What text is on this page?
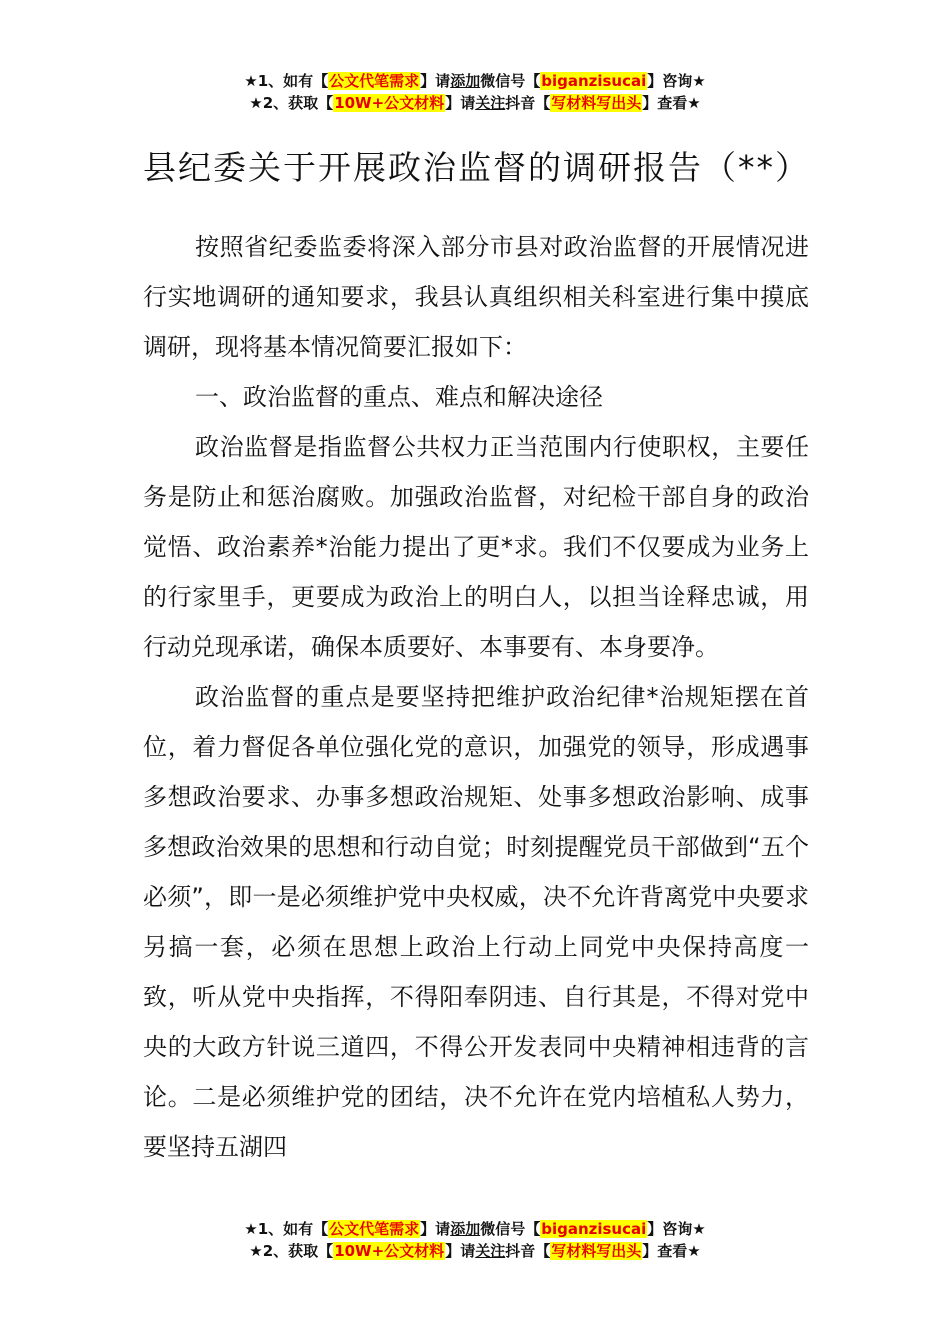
★1、如有【公文代笔需求】请添加微信号【biganzisucai】咨询★
★2、获取【10W+公文材料】请关注抖音【写材料写出头】查看★
县纪委关于开展政治监督的调研报告（**）

按照省纪委监委将深入部分市县对政治监督的开展情况进行实地调研的通知要求，我县认真组织相关科室进行集中摸底调研，现将基本情况简要汇报如下：

一、政治监督的重点、难点和解决途径

政治监督是指监督公共权力正当范围内行使职权，主要任务是防止和惩治腐败。加强政治监督，对纪检干部自身的政治觉悟、政治素养*治能力提出了更*求。我们不仅要成为业务上的行家里手，更要成为政治上的明白人，以担当诠释忠诚，用行动兑现承诺，确保本质要好、本事要有、本身要净。

政治监督的重点是要坚持把维护政治纪律*治规矩摆在首位，着力督促各单位强化党的意识，加强党的领导，形成遇事多想政治要求、办事多想政治规矩、处事多想政治影响、成事多想政治效果的思想和行动自觉；时刻提醒党员干部做到“五个必须”，即一是必须维护党中央权威，决不允许背离党中央要求另搞一套，必须在思想上政治上行动上同党中央保持高度一致，听从党中央指挥，不得阳奉阴违、自行其是，不得对党中央的大政方针说三道四，不得公开发表同中央精神相违背的言论。二是必须维护党的团结，决不允许在党内培植私人势力，要坚持五湖四

★1、如有【公文代笔需求】请添加微信号【biganzisucai】咨询★
★2、获取【10W+公文材料】请关注抖音【写材料写出头】查看★
